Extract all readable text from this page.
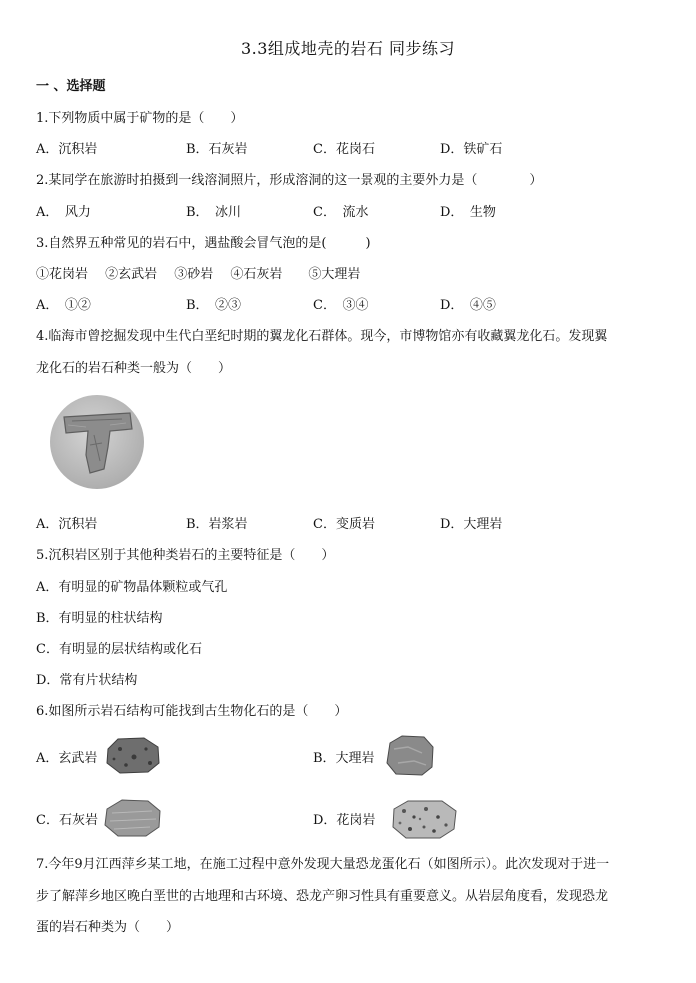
3.3组成地壳的岩石 同步练习
一 、选择题
1.下列物质中属于矿物的是（　　）
A．沉积岩	B．石灰岩	C．花岗石	D．铁矿石
2.某同学在旅游时拍摄到一线溶洞照片，形成溶洞的这一景观的主要外力是（　　　　）
A．　风力	B．　冰川	C．　流水	D．　生物
3.自然界五种常见的岩石中，遇盐酸会冒气泡的是(　　　)
①花岗岩　 ②玄武岩　 ③砂岩　 ④石灰岩　　⑤大理岩
A．　①②	B．　②③	C．　③④	D．　④⑤
4.临海市曾挖掘发现中生代白垩纪时期的翼龙化石群体。现今，市博物馆亦有收藏翼龙化石。发现翼
龙化石的岩石种类一般为（　　）
A．沉积岩	B．岩浆岩	C．变质岩	D．大理岩
5.沉积岩区别于其他种类岩石的主要特征是（　　）
A．有明显的矿物晶体颗粒或气孔
B．有明显的柱状结构
C．有明显的层状结构或化石
D．常有片状结构
6.如图所示岩石结构可能找到古生物化石的是（　　）
A．玄武岩	B．大理岩
C．石灰岩	D．花岗岩
7.今年9月江西萍乡某工地，在施工过程中意外发现大量恐龙蛋化石（如图所示）。此次发现对于进一
步了解萍乡地区晚白垩世的古地理和古环境、恐龙产卵习性具有重要意义。从岩层角度看，发现恐龙
蛋的岩石种类为（　　）
